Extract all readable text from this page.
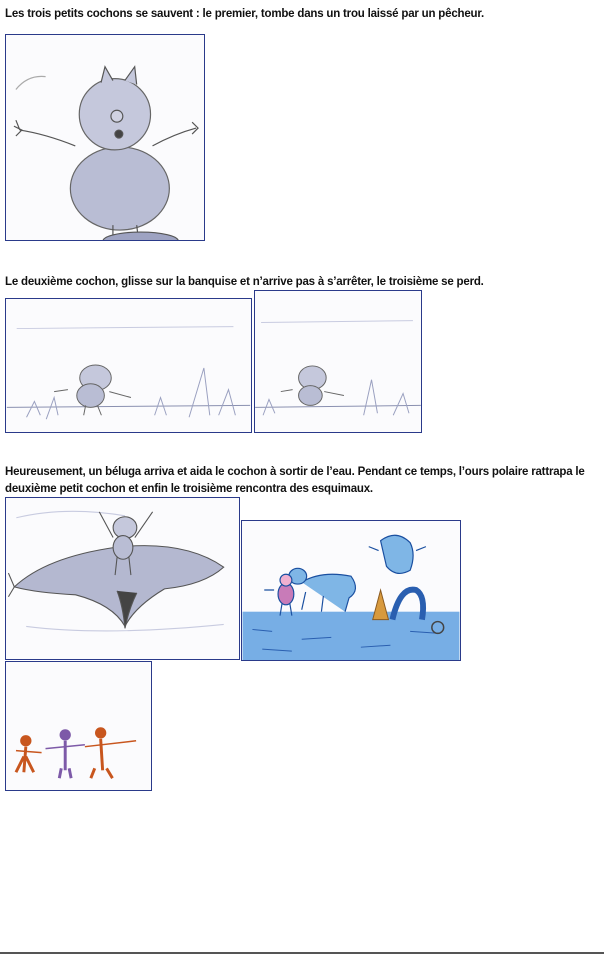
Les trois petits cochons se sauvent : le premier, tombe dans un trou laissé par un pêcheur.
Le deuxième cochon, glisse sur la banquise et n’arrive pas à s’arrêter, le troisième se perd.
Heureusement, un béluga arriva et aida le cochon à sortir de l’eau. Pendant ce temps, l’ours polaire rattrapa le
deuxième petit cochon et enfin le troisième rencontra des esquimaux.
